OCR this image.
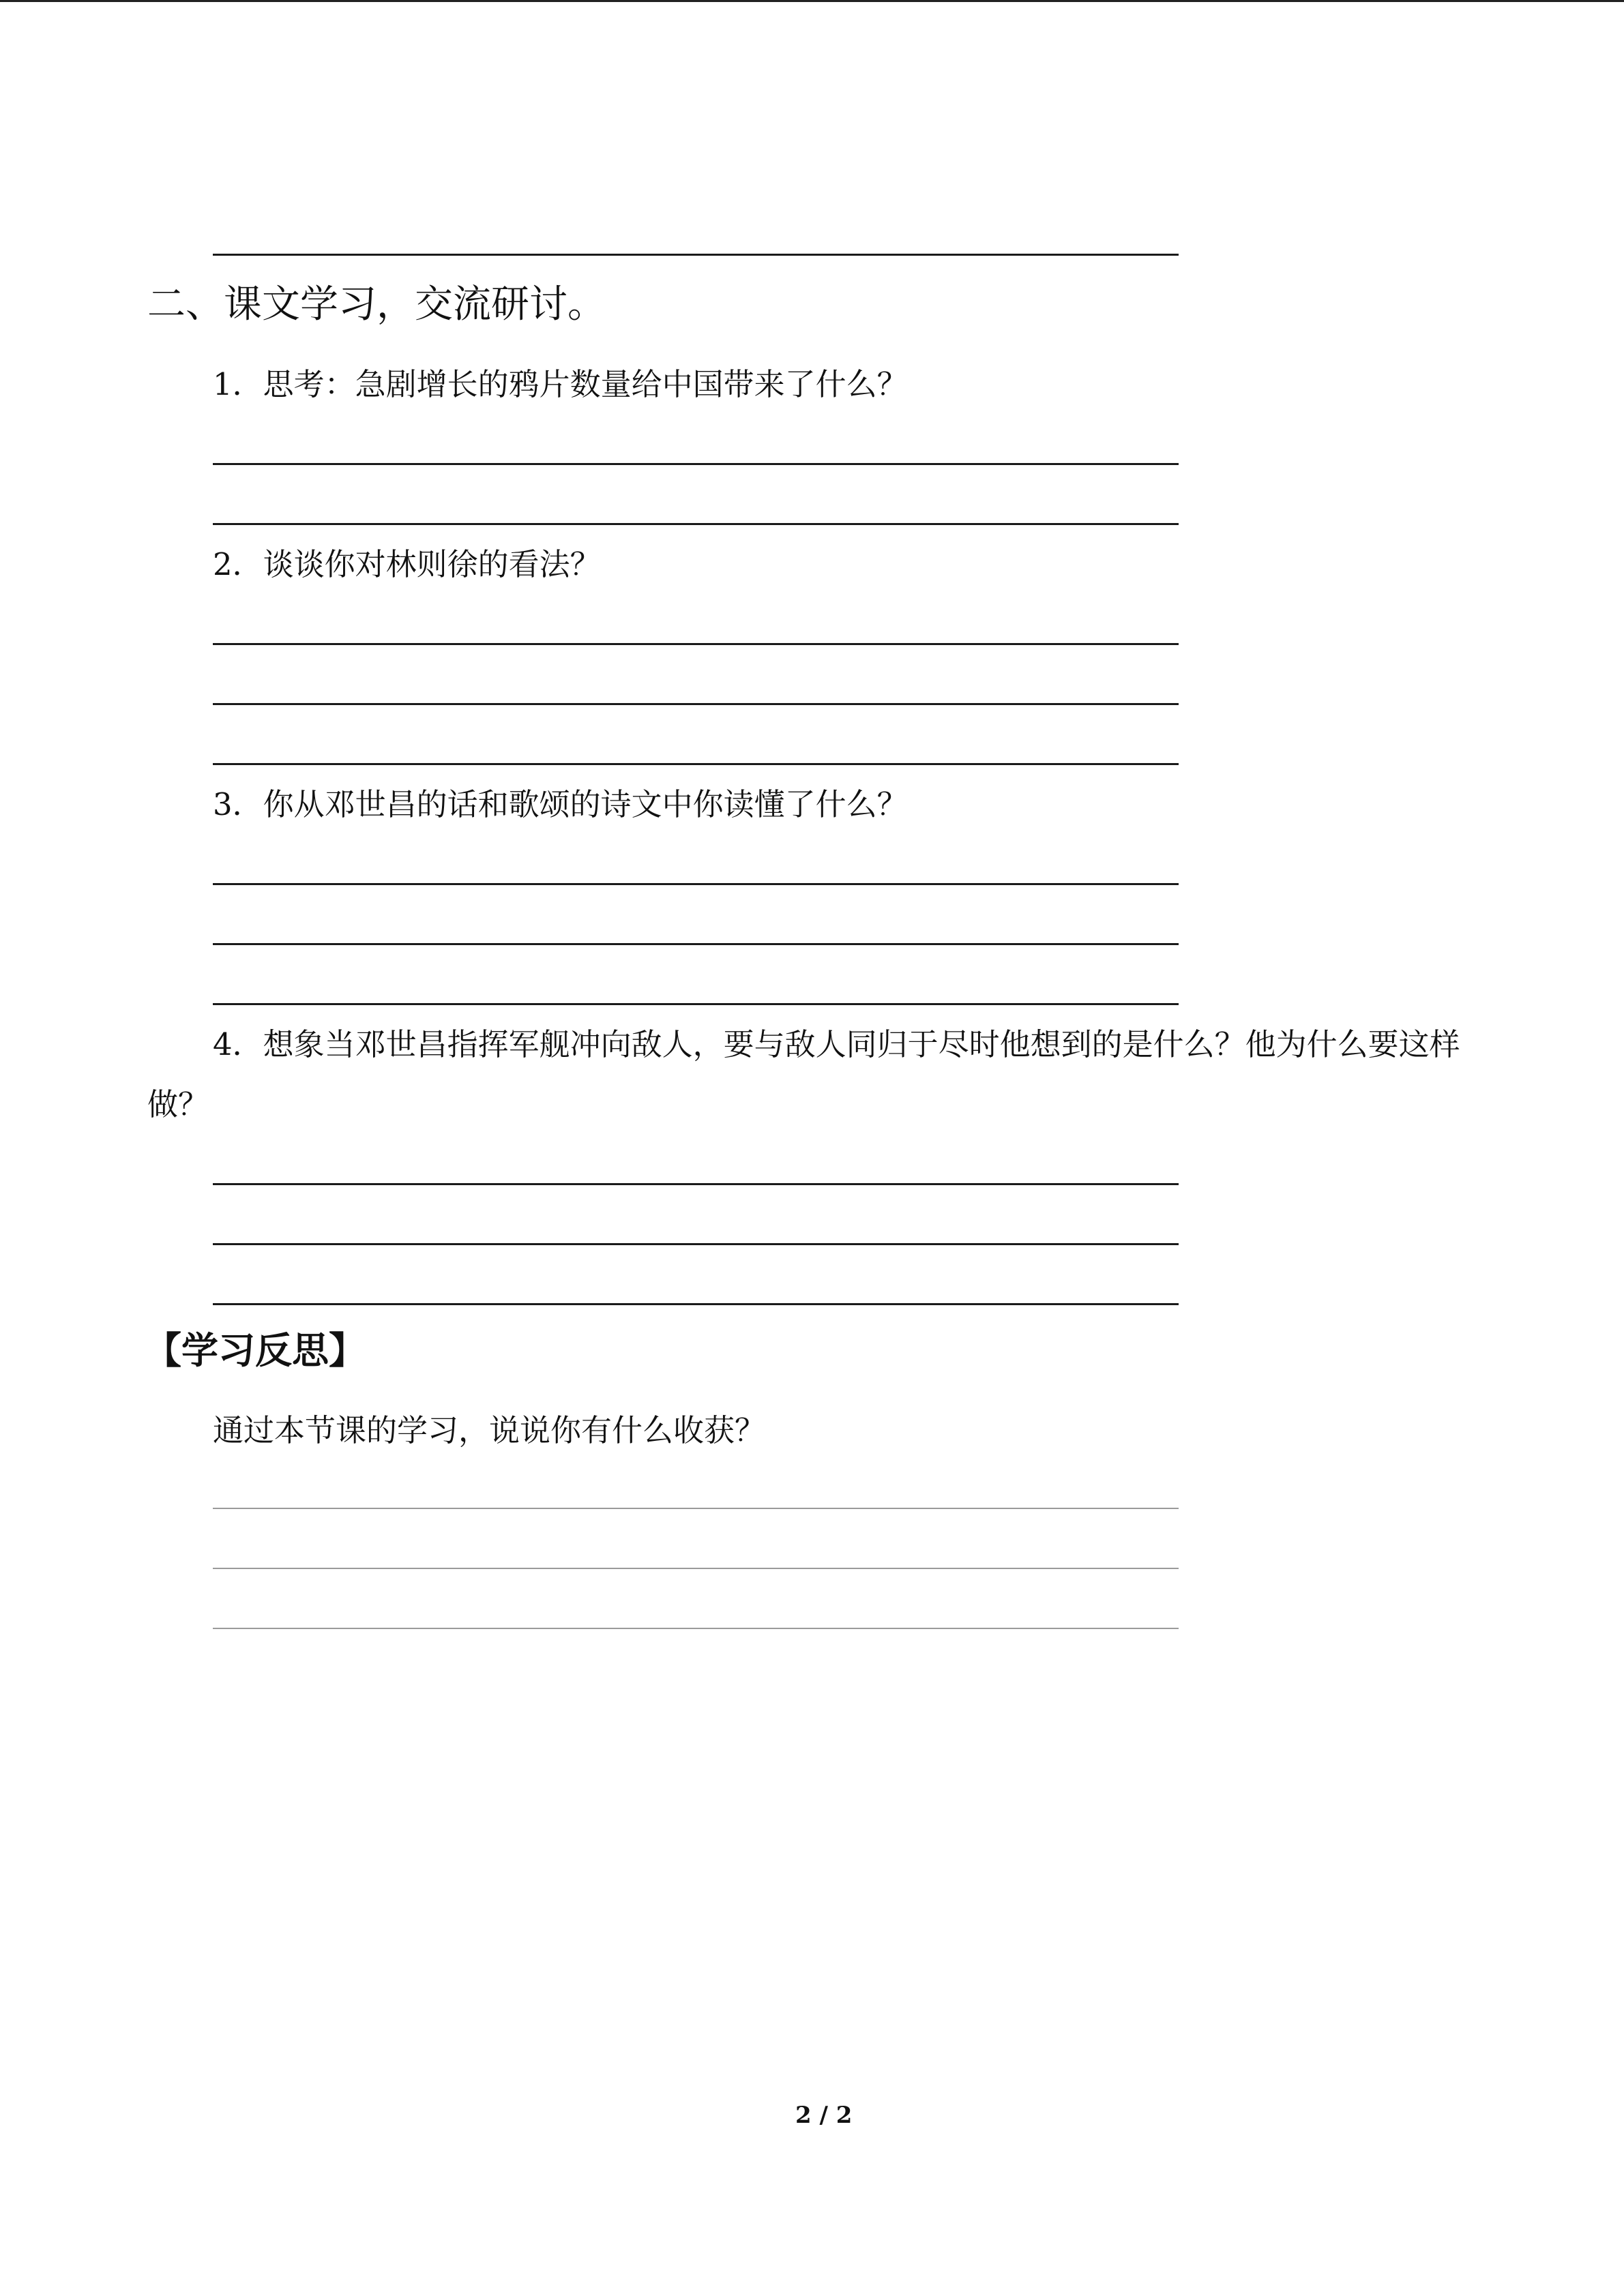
二、课文学习，交流研讨。
1．思考：急剧增长的鸦片数量给中国带来了什么？
2．谈谈你对林则徐的看法？
3．你从邓世昌的话和歌颂的诗文中你读懂了什么？
4．想象当邓世昌指挥军舰冲向敌人，要与敌人同归于尽时他想到的是什么？他为什么要这样做？
【学习反思】
通过本节课的学习，说说你有什么收获？
2 / 2
